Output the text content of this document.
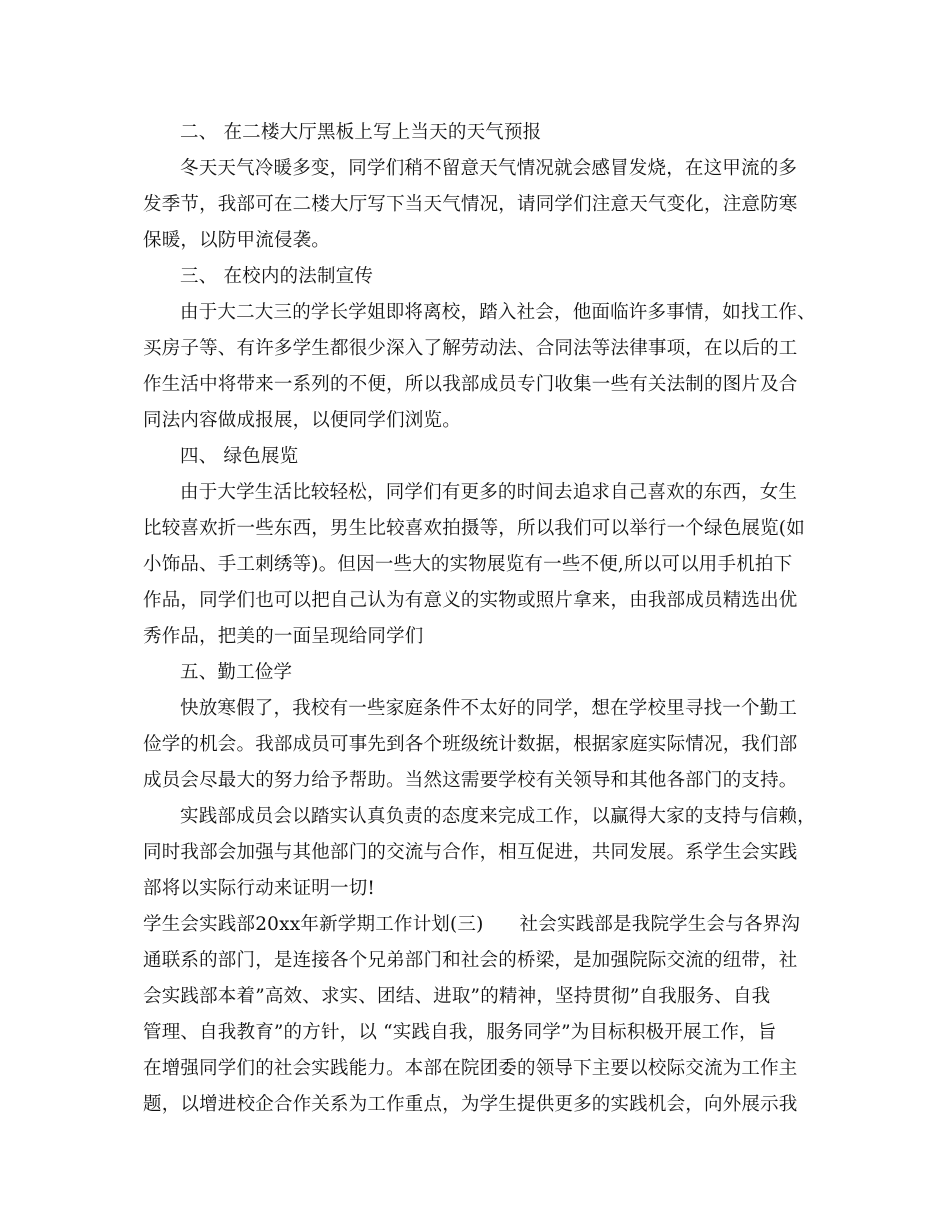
二、 在二楼大厅黑板上写上当天的天气预报
冬天天气冷暖多变，同学们稍不留意天气情况就会感冒发烧，在这甲流的多
发季节，我部可在二楼大厅写下当天气情况，请同学们注意天气变化，注意防寒
保暖，以防甲流侵袭。
三、 在校内的法制宣传
由于大二大三的学长学姐即将离校，踏入社会，他面临许多事情，如找工作、
买房子等、有许多学生都很少深入了解劳动法、合同法等法律事项，在以后的工
作生活中将带来一系列的不便，所以我部成员专门收集一些有关法制的图片及合
同法内容做成报展，以便同学们浏览。
四、 绿色展览
由于大学生活比较轻松，同学们有更多的时间去追求自己喜欢的东西，女生
比较喜欢折一些东西，男生比较喜欢拍摄等，所以我们可以举行一个绿色展览(如
小饰品、手工刺绣等)。但因一些大的实物展览有一些不便,所以可以用手机拍下
作品，同学们也可以把自己认为有意义的实物或照片拿来，由我部成员精选出优
秀作品，把美的一面呈现给同学们
五、勤工俭学
快放寒假了，我校有一些家庭条件不太好的同学，想在学校里寻找一个勤工
俭学的机会。我部成员可事先到各个班级统计数据，根据家庭实际情况，我们部
成员会尽最大的努力给予帮助。当然这需要学校有关领导和其他各部门的支持。
实践部成员会以踏实认真负责的态度来完成工作，以赢得大家的支持与信赖，
同时我部会加强与其他部门的交流与合作，相互促进，共同发展。系学生会实践
部将以实际行动来证明一切!
学生会实践部20xx年新学期工作计划(三) 社会实践部是我院学生会与各界沟
通联系的部门，是连接各个兄弟部门和社会的桥梁，是加强院际交流的纽带，社
会实践部本着”高效、求实、团结、进取”的精神，坚持贯彻”自我服务、自我
管理、自我教育”的方针，以 “实践自我，服务同学”为目标积极开展工作，旨
在增强同学们的社会实践能力。本部在院团委的领导下主要以校际交流为工作主
题，以增进校企合作关系为工作重点，为学生提供更多的实践机会，向外展示我
